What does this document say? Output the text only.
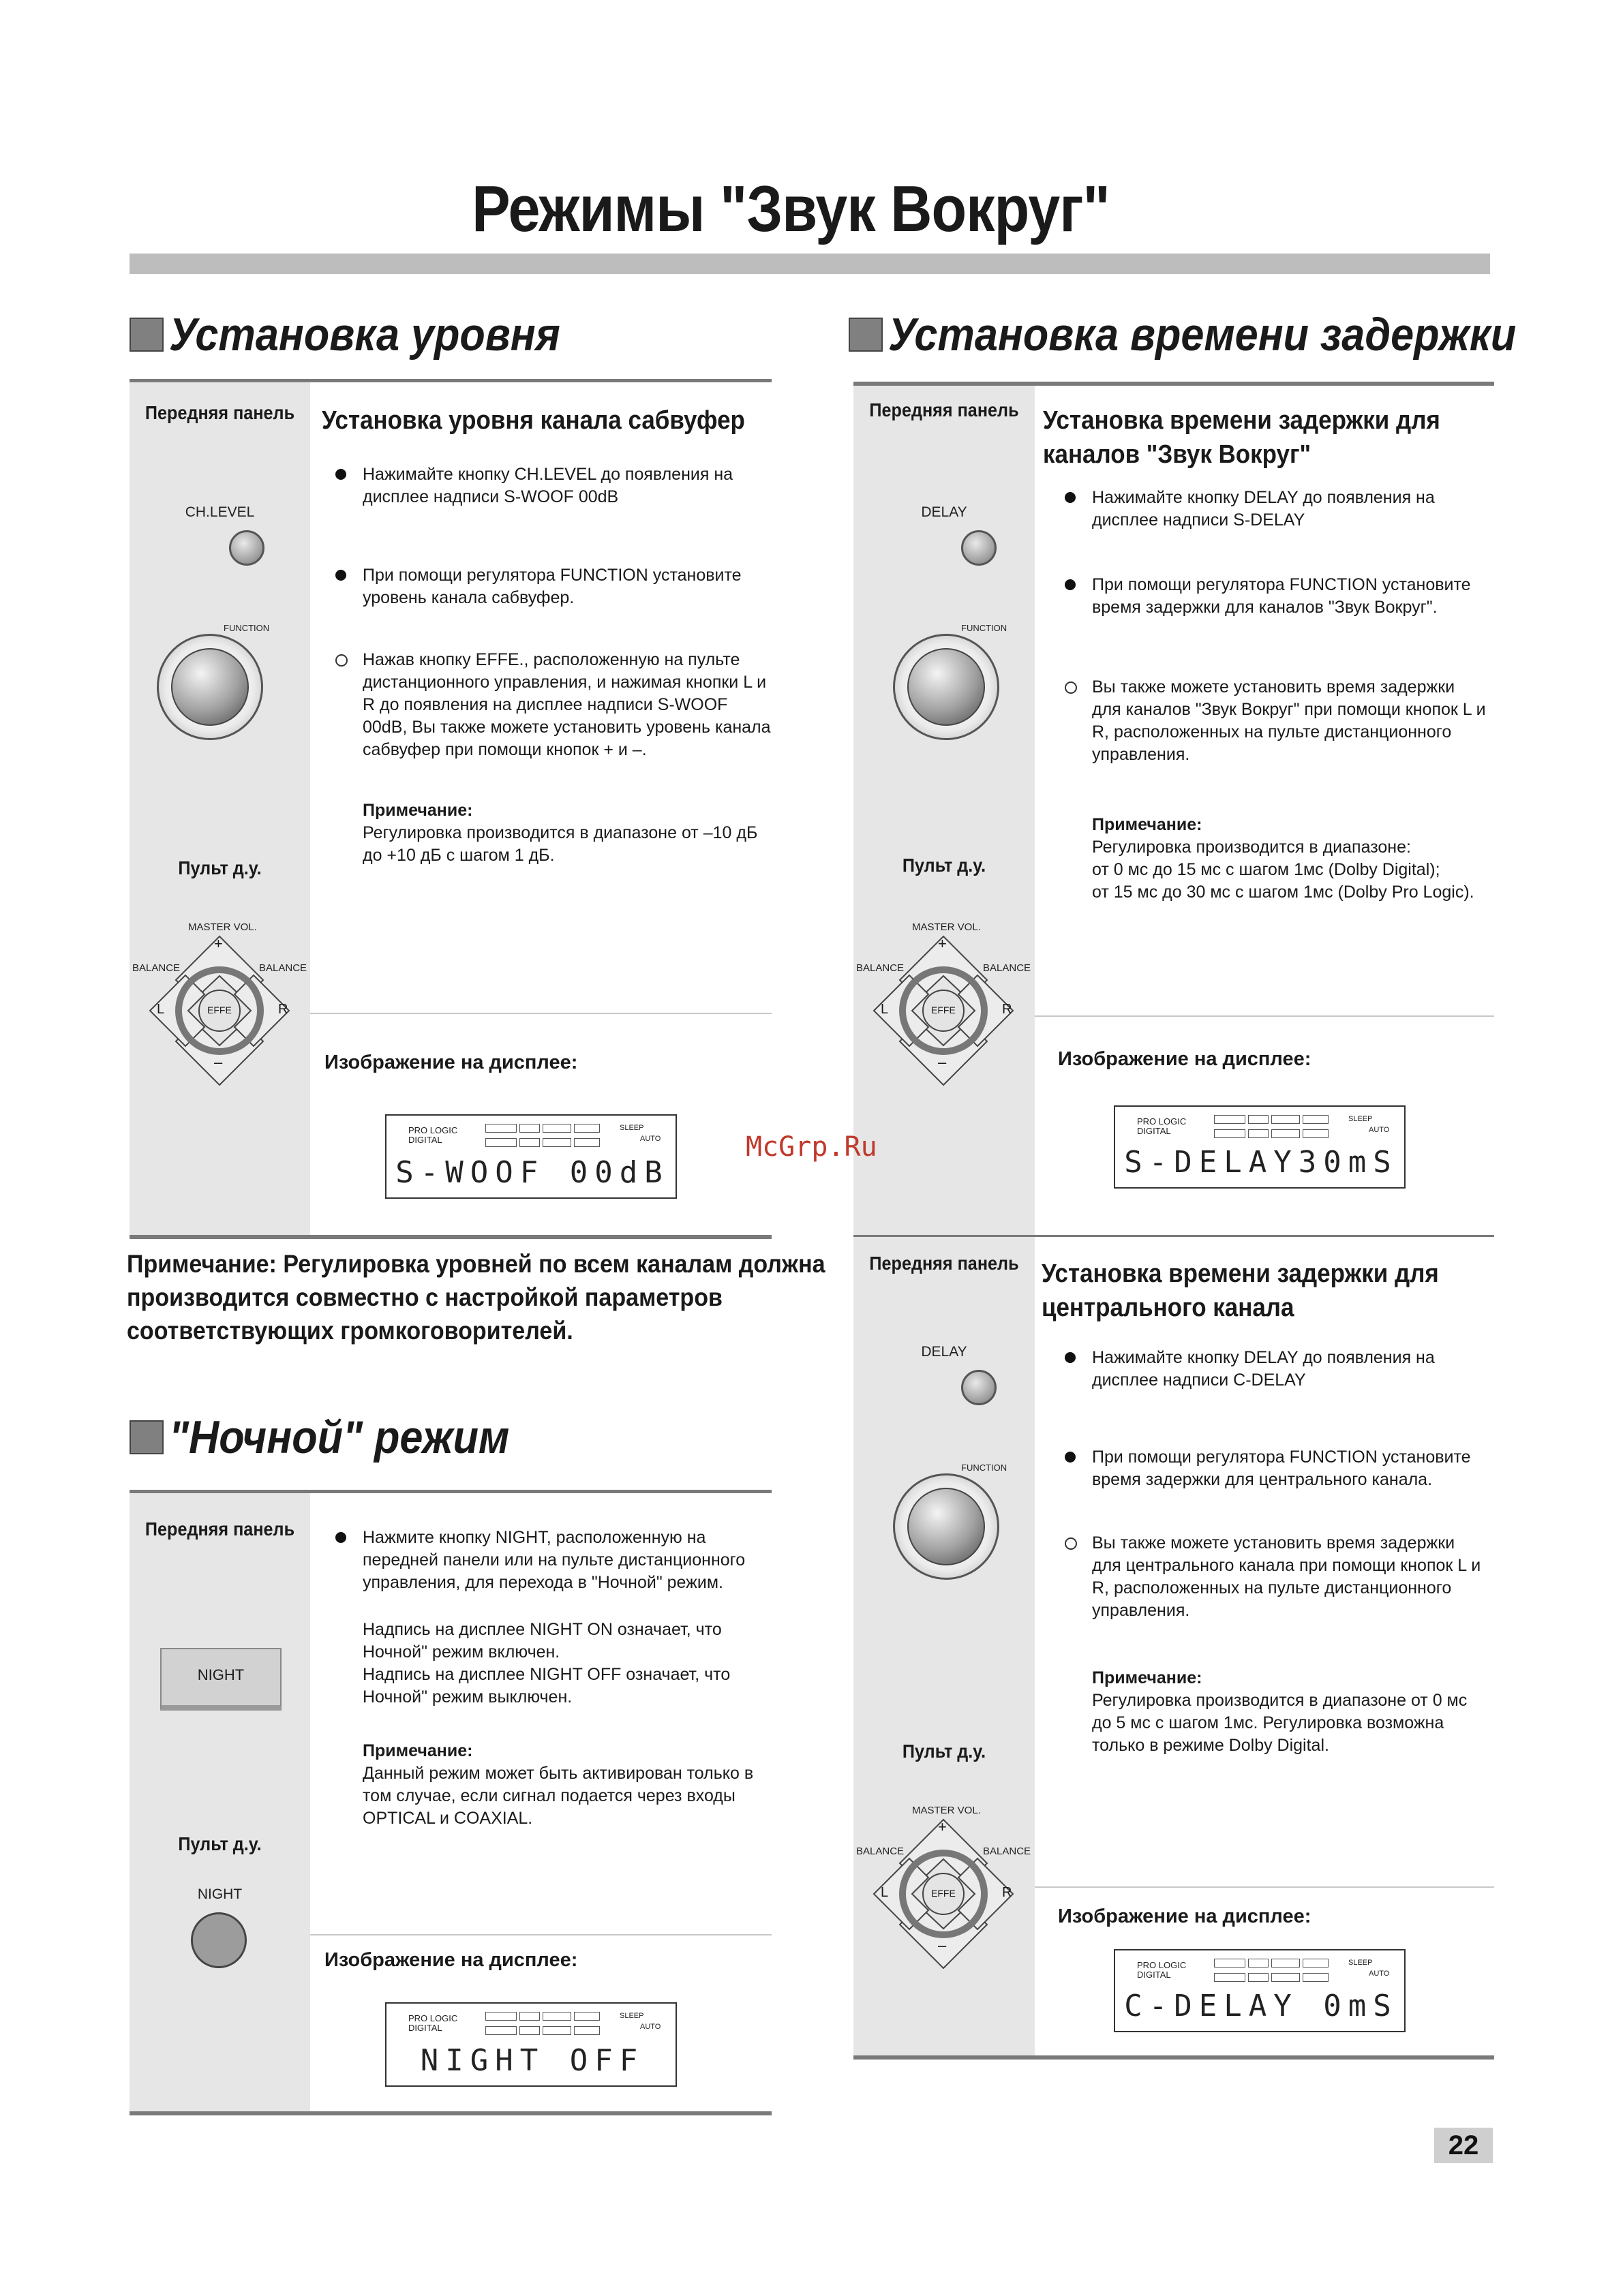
Режимы "Звук Вокруг"
Установка уровня
Передняя панель
CH.LEVEL
FUNCTION
Пульт д.у.
MASTER VOL.
BALANCE	BALANCE
+
–
L	R
EFFE
Установка уровня канала сабвуфер
Нажимайте кнопку CH.LEVEL до появления на дисплее надписи S-WOOF 00dB
При помощи регулятора FUNCTION установите уровень канала сабвуфер.
Нажав кнопку EFFE., расположенную на пульте дистанционного управления, и нажимая кнопки L и R до появления на дисплее надписи S-WOOF 00dB, Вы также можете установить уровень канала сабвуфер при помощи кнопок + и –.
Примечание:
Регулировка производится в диапазоне от –10 дБ до +10 дБ с шагом 1 дБ.
Изображение на дисплее:
PRO LOGIC
DIGITAL

SLEEP
AUTO
S-WOOF 00dB
Примечание: Регулировка уровней по всем каналам должна производится совместно с настройкой параметров соответствующих громкоговорителей.
"Ночной" режим
Передняя панель
NIGHT
Пульт д.у.
NIGHT
Нажмите кнопку NIGHT, расположенную на передней панели или на пульте дистанционного управления, для перехода в "Ночной" режим.
Надпись на дисплее NIGHT ON означает, что Ночной" режим включен.
Надпись на дисплее NIGHT OFF означает, что Ночной" режим выключен.
Примечание:
Данный режим может быть активирован только в том случае, если сигнал подается через входы OPTICAL и COAXIAL.
Изображение на дисплее:
PRO LOGIC
DIGITAL

SLEEP
AUTO
NIGHT OFF
Установка времени задержки
Передняя панель
DELAY
FUNCTION
Пульт д.у.
MASTER VOL.
BALANCE	BALANCE
+
–
L	R
EFFE
Установка времени задержки для каналов "Звук Вокруг"
Нажимайте кнопку DELAY до появления на дисплее надписи S-DELAY
При помощи регулятора FUNCTION установите время задержки для каналов "Звук Вокруг".
Вы также можете установить время задержки для каналов "Звук Вокруг" при помощи кнопок L и R, расположенных на пульте дистанционного управления.
Примечание:
Регулировка производится в диапазоне:
от 0 мс до 15 мс с шагом 1мс (Dolby Digital);
от 15 мс до 30 мс с шагом 1мс (Dolby Pro Logic).
Изображение на дисплее:
PRO LOGIC
DIGITAL

SLEEP
AUTO
S-DELAY30mS
Передняя панель
DELAY
FUNCTION
Пульт д.у.
MASTER VOL.
BALANCE	BALANCE
+
–
L	R
EFFE
Установка времени задержки для центрального канала
Нажимайте кнопку DELAY до появления на дисплее надписи C-DELAY
При помощи регулятора FUNCTION установите время задержки для центрального канала.
Вы также можете установить время задержки для центрального канала при помощи кнопок L и R, расположенных на пульте дистанционного управления.
Примечание:
Регулировка производится в диапазоне от 0 мс до 5 мс с шагом 1мс. Регулировка возможна только в режиме Dolby Digital.
Изображение на дисплее:
PRO LOGIC
DIGITAL

SLEEP
AUTO
C-DELAY 0mS
McGrp.Ru
22
